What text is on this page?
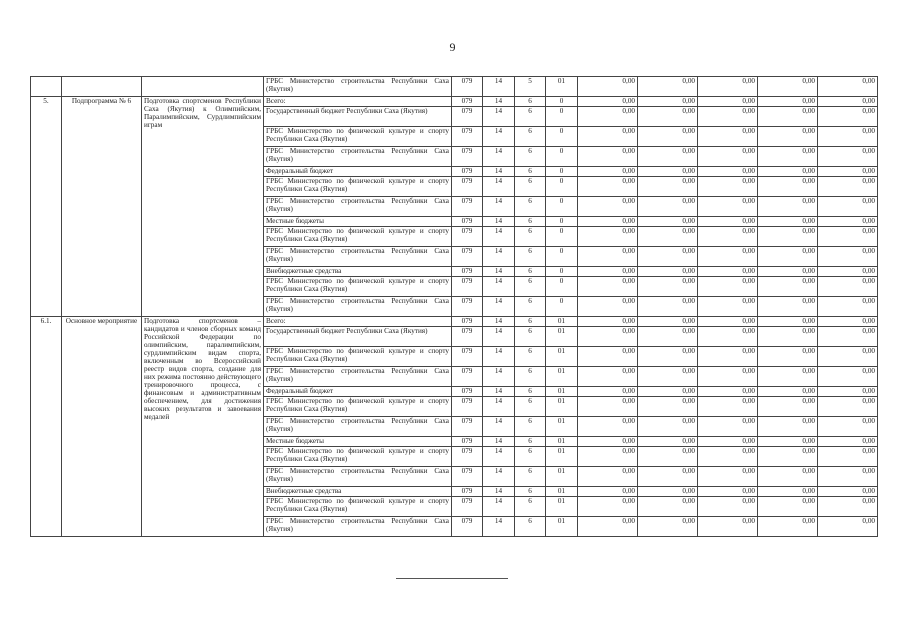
9
			ГРБС Министерство строительства Республики Саха (Якутия)	079	14	5	01	0,00	0,00	0,00	0,00	0,00
5.	Подпрограмма № 6	Подготовка спортсменов Республики Саха (Якутия) к Олимпийским, Паралимпийским, Сурдлимпийским играм	Всего:	079	14	6	0	0,00	0,00	0,00	0,00	0,00
			Государственный бюджет Республики Саха (Якутия)	079	14	6	0	0,00	0,00	0,00	0,00	0,00
			ГРБС Министерство по физической культуре и спорту Республики Саха (Якутия)	079	14	6	0	0,00	0,00	0,00	0,00	0,00
			ГРБС Министерство строительства Республики Саха (Якутия)	079	14	6	0	0,00	0,00	0,00	0,00	0,00
			Федеральный бюджет	079	14	6	0	0,00	0,00	0,00	0,00	0,00
			ГРБС Министерство по физической культуре и спорту Республики Саха (Якутия)	079	14	6	0	0,00	0,00	0,00	0,00	0,00
			ГРБС Министерство строительства Республики Саха (Якутия)	079	14	6	0	0,00	0,00	0,00	0,00	0,00
			Местные бюджеты	079	14	6	0	0,00	0,00	0,00	0,00	0,00
			ГРБС Министерство по физической культуре и спорту Республики Саха (Якутия)	079	14	6	0	0,00	0,00	0,00	0,00	0,00
			ГРБС Министерство строительства Республики Саха (Якутия)	079	14	6	0	0,00	0,00	0,00	0,00	0,00
			Внебюджетные средства	079	14	6	0	0,00	0,00	0,00	0,00	0,00
			ГРБС Министерство по физической культуре и спорту Республики Саха (Якутия)	079	14	6	0	0,00	0,00	0,00	0,00	0,00
			ГРБС Министерство строительства Республики Саха (Якутия)	079	14	6	0	0,00	0,00	0,00	0,00	0,00
6.1.	Основное мероприятие	Подготовка спортсменов – кандидатов и членов сборных команд Российской Федерации по олимпийским, паралимпийским, сурдлимпийским видам спорта, включенным во Всероссийский реестр видов спорта, создание для них режима постоянно действующего тренировочного процесса, с финансовым и административным обеспечением, для достижения высоких результатов и завоевания медалей	Всего:	079	14	6	01	0,00	0,00	0,00	0,00	0,00
			Государственный бюджет Республики Саха (Якутия)	079	14	6	01	0,00	0,00	0,00	0,00	0,00
			ГРБС Министерство по физической культуре и спорту Республики Саха (Якутия)	079	14	6	01	0,00	0,00	0,00	0,00	0,00
			ГРБС Министерство строительства Республики Саха (Якутия)	079	14	6	01	0,00	0,00	0,00	0,00	0,00
			Федеральный бюджет	079	14	6	01	0,00	0,00	0,00	0,00	0,00
			ГРБС Министерство по физической культуре и спорту Республики Саха (Якутия)	079	14	6	01	0,00	0,00	0,00	0,00	0,00
			ГРБС Министерство строительства Республики Саха (Якутия)	079	14	6	01	0,00	0,00	0,00	0,00	0,00
			Местные бюджеты	079	14	6	01	0,00	0,00	0,00	0,00	0,00
			ГРБС Министерство по физической культуре и спорту Республики Саха (Якутия)	079	14	6	01	0,00	0,00	0,00	0,00	0,00
			ГРБС Министерство строительства Республики Саха (Якутия)	079	14	6	01	0,00	0,00	0,00	0,00	0,00
			Внебюджетные средства	079	14	6	01	0,00	0,00	0,00	0,00	0,00
			ГРБС Министерство по физической культуре и спорту Республики Саха (Якутия)	079	14	6	01	0,00	0,00	0,00	0,00	0,00
			ГРБС Министерство строительства Республики Саха (Якутия)	079	14	6	01	0,00	0,00	0,00	0,00	0,00
